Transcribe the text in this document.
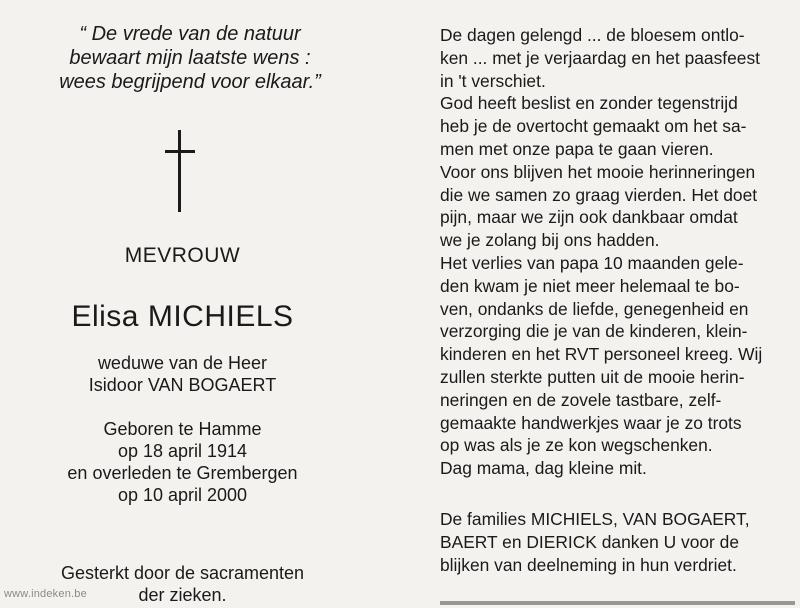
“ De vrede van de natuur
bewaart mijn laatste wens :
wees begrijpend voor elkaar.”
MEVROUW
Elisa MICHIELS
weduwe van de Heer
Isidoor VAN BOGAERT
Geboren te Hamme
op 18 april 1914
en overleden te Grembergen
op 10 april 2000
Gesterkt door de sacramenten
der zieken.
De dagen gelengd ... de bloesem ontlo-
ken ... met je verjaardag en het paasfeest
in 't verschiet.
God heeft beslist en zonder tegenstrijd
heb je de overtocht gemaakt om het sa-
men met onze papa te gaan vieren.
Voor ons blijven het mooie herinneringen
die we samen zo graag vierden. Het doet
pijn, maar we zijn ook dankbaar omdat
we je zolang bij ons hadden.
Het verlies van papa 10 maanden gele-
den kwam je niet meer helemaal te bo-
ven, ondanks de liefde, genegenheid en
verzorging die je van de kinderen, klein-
kinderen en het RVT personeel kreeg. Wij
zullen sterkte putten uit de mooie herin-
neringen en de zovele tastbare, zelf-
gemaakte handwerkjes waar je zo trots
op was als je ze kon wegschenken.
Dag mama, dag kleine mit.
De families MICHIELS, VAN BOGAERT,
BAERT en DIERICK danken U voor de
blijken van deelneming in hun verdriet.
www.indeken.be
